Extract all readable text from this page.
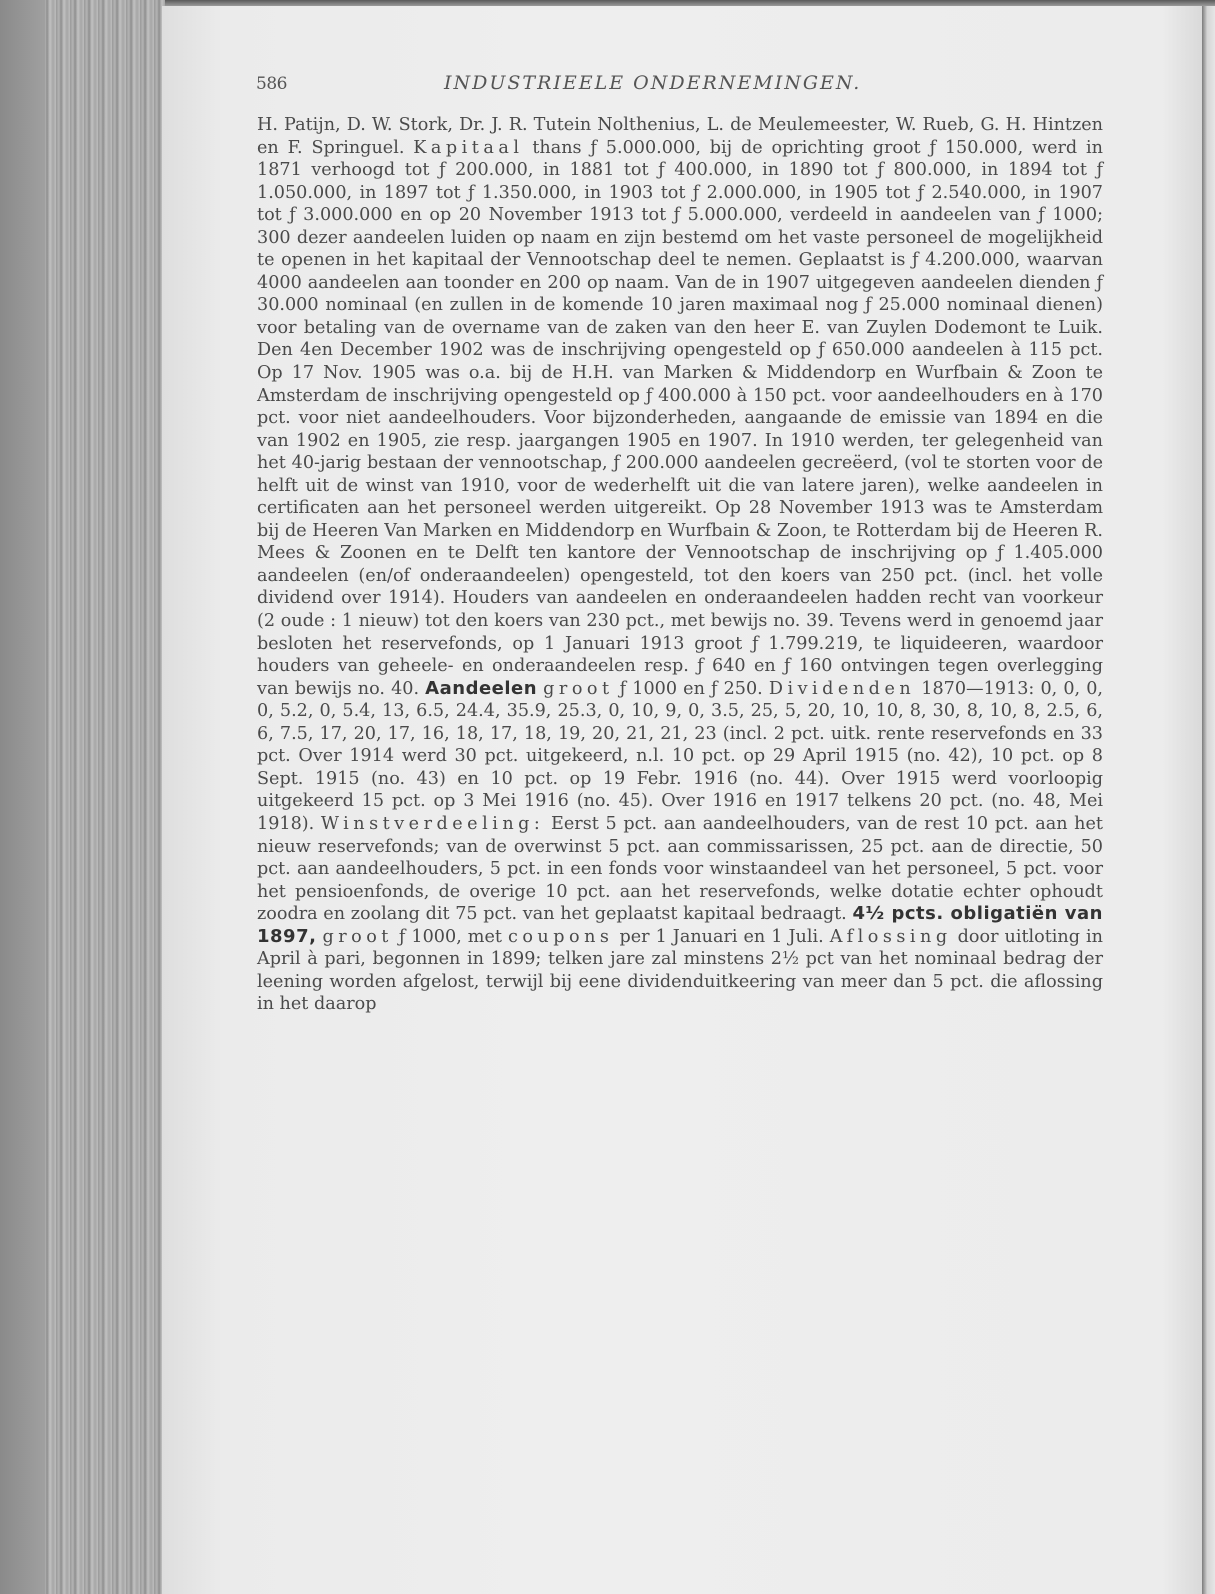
586	INDUSTRIEELE ONDERNEMINGEN.

H. Patijn, D. W. Stork, Dr. J. R. Tutein Nolthenius, L. de Meulemeester, W. Rueb, G. H. Hintzen en F. Springuel. Kapitaal thans ƒ 5.000.000, bij de oprichting groot ƒ 150.000, werd in 1871 verhoogd tot ƒ 200.000, in 1881 tot ƒ 400.000, in 1890 tot ƒ 800.000, in 1894 tot ƒ 1.050.000, in 1897 tot ƒ 1.350.000, in 1903 tot ƒ 2.000.000, in 1905 tot ƒ 2.540.000, in 1907 tot ƒ 3.000.000 en op 20 November 1913 tot ƒ 5.000.000, verdeeld in aandeelen van ƒ 1000; 300 dezer aandeelen luiden op naam en zijn bestemd om het vaste personeel de mogelijkheid te openen in het kapitaal der Vennootschap deel te nemen. Geplaatst is ƒ 4.200.000, waarvan 4000 aandeelen aan toonder en 200 op naam. Van de in 1907 uitgegeven aandeelen dienden ƒ 30.000 nominaal (en zullen in de komende 10 jaren maximaal nog ƒ 25.000 nominaal dienen) voor betaling van de overname van de zaken van den heer E. van Zuylen Dodemont te Luik. Den 4en December 1902 was de inschrijving opengesteld op ƒ 650.000 aandeelen à 115 pct. Op 17 Nov. 1905 was o.a. bij de H.H. van Marken & Middendorp en Wurfbain & Zoon te Amsterdam de inschrijving opengesteld op ƒ 400.000 à 150 pct. voor aandeelhouders en à 170 pct. voor niet aandeelhouders. Voor bijzonderheden, aangaande de emissie van 1894 en die van 1902 en 1905, zie resp. jaargangen 1905 en 1907. In 1910 werden, ter gelegenheid van het 40-jarig bestaan der vennootschap, ƒ 200.000 aandeelen gecreëerd, (vol te storten voor de helft uit de winst van 1910, voor de wederhelft uit die van latere jaren), welke aandeelen in certificaten aan het personeel werden uitgereikt. Op 28 November 1913 was te Amsterdam bij de Heeren Van Marken en Middendorp en Wurfbain & Zoon, te Rotterdam bij de Heeren R. Mees & Zoonen en te Delft ten kantore der Vennootschap de inschrijving op ƒ 1.405.000 aandeelen (en/of onderaandeelen) opengesteld, tot den koers van 250 pct. (incl. het volle dividend over 1914). Houders van aandeelen en onderaandeelen hadden recht van voorkeur (2 oude : 1 nieuw) tot den koers van 230 pct., met bewijs no. 39. Tevens werd in genoemd jaar besloten het reservefonds, op 1 Januari 1913 groot ƒ 1.799.219, te liquideeren, waardoor houders van geheele- en onderaandeelen resp. ƒ 640 en ƒ 160 ontvingen tegen overlegging van bewijs no. 40. Aandeelen groot ƒ 1000 en ƒ 250. Dividenden 1870—1913: 0, 0, 0, 0, 5.2, 0, 5.4, 13, 6.5, 24.4, 35.9, 25.3, 0, 10, 9, 0, 3.5, 25, 5, 20, 10, 10, 8, 30, 8, 10, 8, 2.5, 6, 6, 7.5, 17, 20, 17, 16, 18, 17, 18, 19, 20, 21, 21, 23 (incl. 2 pct. uitk. rente reservefonds en 33 pct. Over 1914 werd 30 pct. uitgekeerd, n.l. 10 pct. op 29 April 1915 (no. 42), 10 pct. op 8 Sept. 1915 (no. 43) en 10 pct. op 19 Febr. 1916 (no. 44). Over 1915 werd voorloopig uitgekeerd 15 pct. op 3 Mei 1916 (no. 45). Over 1916 en 1917 telkens 20 pct. (no. 48, Mei 1918). Winstverdeeling: Eerst 5 pct. aan aandeelhouders, van de rest 10 pct. aan het nieuw reservefonds; van de overwinst 5 pct. aan commissarissen, 25 pct. aan de directie, 50 pct. aan aandeelhouders, 5 pct. in een fonds voor winstaandeel van het personeel, 5 pct. voor het pensioenfonds, de overige 10 pct. aan het reservefonds, welke dotatie echter ophoudt zoodra en zoolang dit 75 pct. van het geplaatst kapitaal bedraagt. 4½ pcts. obligatiën van 1897, groot ƒ 1000, met coupons per 1 Januari en 1 Juli. Aflossing door uitloting in April à pari, begonnen in 1899; telken jare zal minstens 2½ pct van het nominaal bedrag der leening worden afgelost, terwijl bij eene dividenduitkeering van meer dan 5 pct. die aflossing in het daarop
